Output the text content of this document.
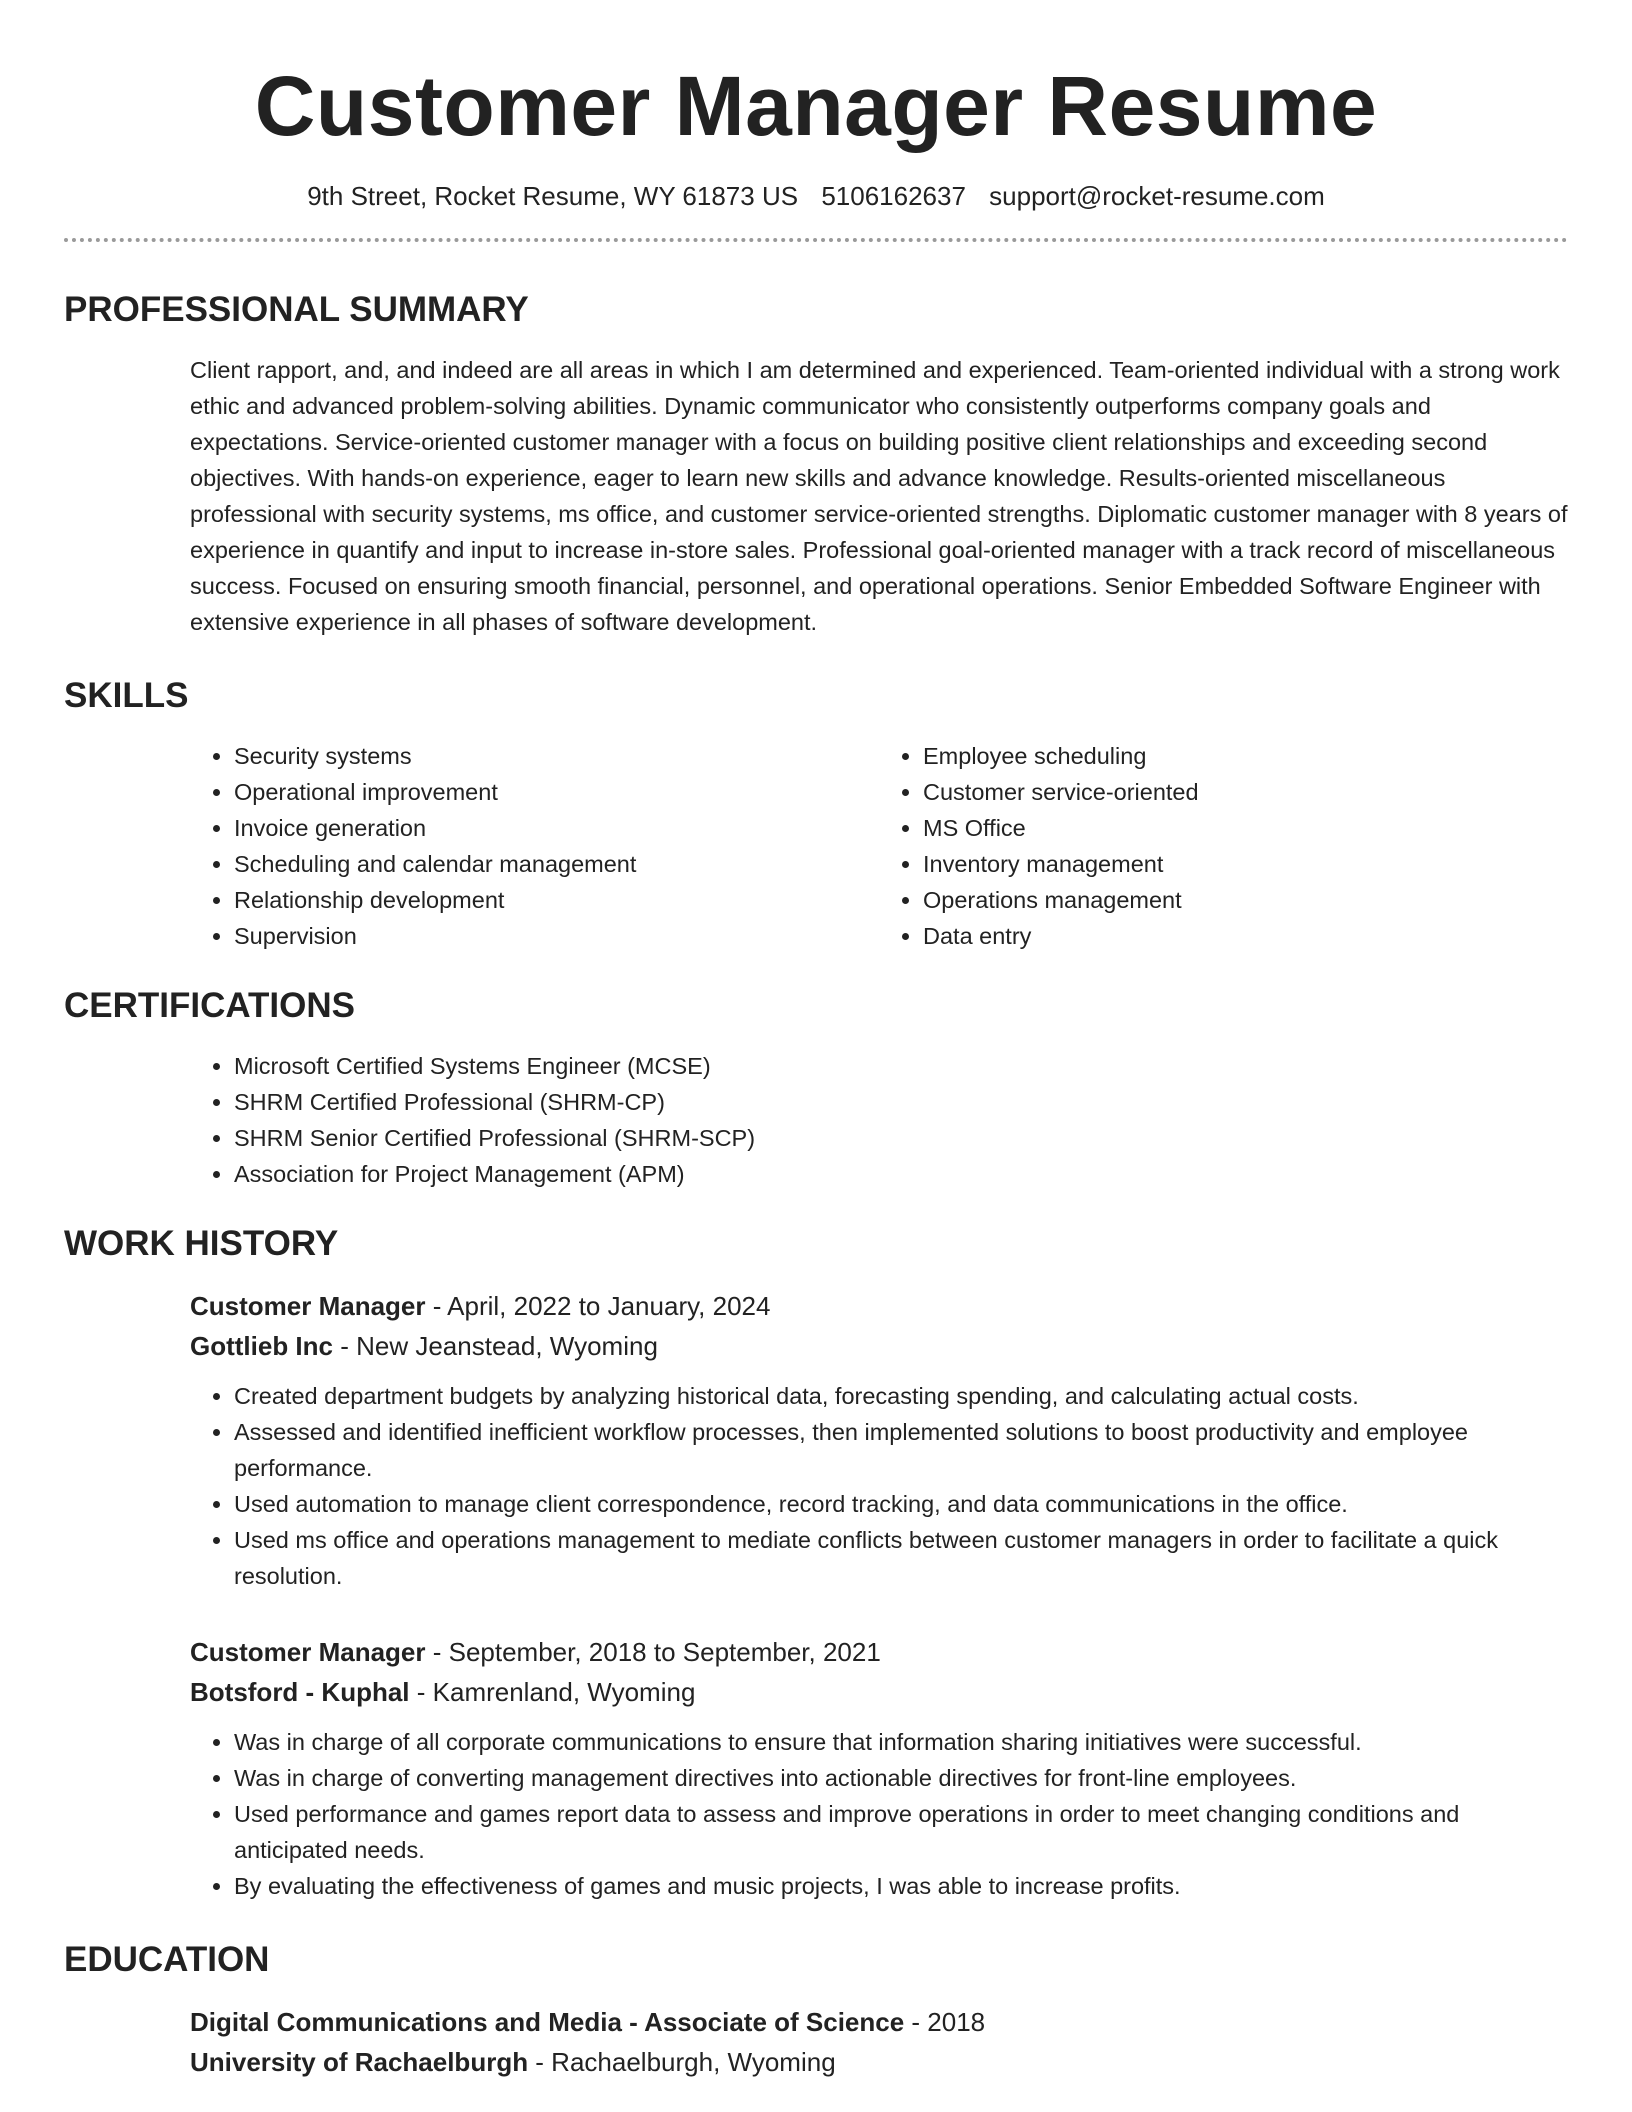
Customer Manager Resume
9th Street, Rocket Resume, WY 61873 US 5106162637 support@rocket-resume.com
PROFESSIONAL SUMMARY
Client rapport, and, and indeed are all areas in which I am determined and experienced. Team-oriented individual with a strong work ethic and advanced problem-solving abilities. Dynamic communicator who consistently outperforms company goals and expectations. Service-oriented customer manager with a focus on building positive client relationships and exceeding second objectives. With hands-on experience, eager to learn new skills and advance knowledge. Results-oriented miscellaneous professional with security systems, ms office, and customer service-oriented strengths. Diplomatic customer manager with 8 years of experience in quantify and input to increase in-store sales. Professional goal-oriented manager with a track record of miscellaneous success. Focused on ensuring smooth financial, personnel, and operational operations. Senior Embedded Software Engineer with extensive experience in all phases of software development.
SKILLS
• Security systems
• Operational improvement
• Invoice generation
• Scheduling and calendar management
• Relationship development
• Supervision
• Employee scheduling
• Customer service-oriented
• MS Office
• Inventory management
• Operations management
• Data entry
CERTIFICATIONS
• Microsoft Certified Systems Engineer (MCSE)
• SHRM Certified Professional (SHRM-CP)
• SHRM Senior Certified Professional (SHRM-SCP)
• Association for Project Management (APM)
WORK HISTORY
Customer Manager - April, 2022 to January, 2024
Gottlieb Inc - New Jeanstead, Wyoming
• Created department budgets by analyzing historical data, forecasting spending, and calculating actual costs.
• Assessed and identified inefficient workflow processes, then implemented solutions to boost productivity and employee performance.
• Used automation to manage client correspondence, record tracking, and data communications in the office.
• Used ms office and operations management to mediate conflicts between customer managers in order to facilitate a quick resolution.
Customer Manager - September, 2018 to September, 2021
Botsford - Kuphal - Kamrenland, Wyoming
• Was in charge of all corporate communications to ensure that information sharing initiatives were successful.
• Was in charge of converting management directives into actionable directives for front-line employees.
• Used performance and games report data to assess and improve operations in order to meet changing conditions and anticipated needs.
• By evaluating the effectiveness of games and music projects, I was able to increase profits.
EDUCATION
Digital Communications and Media - Associate of Science - 2018
University of Rachaelburgh - Rachaelburgh, Wyoming
